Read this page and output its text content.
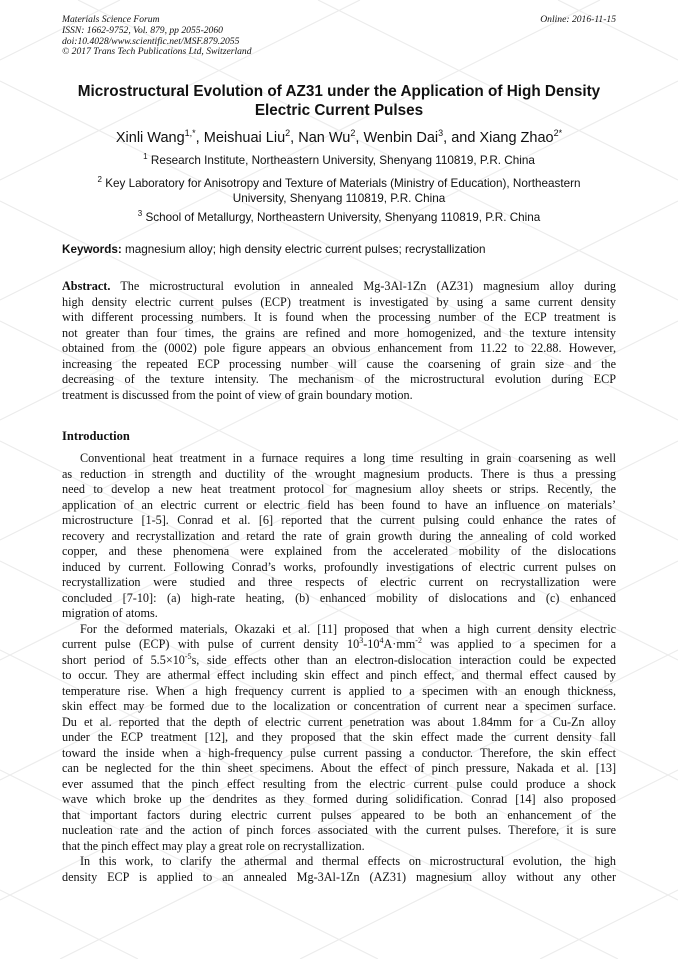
Materials Science Forum
ISSN: 1662-9752, Vol. 879, pp 2055-2060
doi:10.4028/www.scientific.net/MSF.879.2055
© 2017 Trans Tech Publications Ltd, Switzerland
Online: 2016-11-15
Microstructural Evolution of AZ31 under the Application of High Density
Electric Current Pulses
Xinli Wang$^{1,*}$, Meishuai Liu$^2$, Nan Wu$^2$, Wenbin Dai$^3$, and Xiang Zhao$^{2*}$
$^1$ Research Institute, Northeastern University, Shenyang 110819, P.R. China
$^2$ Key Laboratory for Anisotropy and Texture of Materials (Ministry of Education), Northeastern
University, Shenyang 110819, P.R. China
$^3$ School of Metallurgy, Northeastern University, Shenyang 110819, P.R. China
Keywords: magnesium alloy; high density electric current pulses; recrystallization
Abstract. The microstructural evolution in annealed Mg-3Al-1Zn (AZ31) magnesium alloy during
high density electric current pulses (ECP) treatment is investigated by using a same current density
with different processing numbers. It is found when the processing number of the ECP treatment is
not greater than four times, the grains are refined and more homogenized, and the texture intensity
obtained from the (0002) pole figure appears an obvious enhancement from 11.22 to 22.88. However,
increasing the repeated ECP processing number will cause the coarsening of grain size and the
decreasing of the texture intensity. The mechanism of the microstructural evolution during ECP
treatment is discussed from the point of view of grain boundary motion.
Introduction
Conventional heat treatment in a furnace requires a long time resulting in grain coarsening as well
as reduction in strength and ductility of the wrought magnesium products. There is thus a pressing
need to develop a new heat treatment protocol for magnesium alloy sheets or strips. Recently, the
application of an electric current or electric field has been found to have an influence on materials’
microstructure [1-5]. Conrad et al. [6] reported that the current pulsing could enhance the rates of
recovery and recrystallization and retard the rate of grain growth during the annealing of cold worked
copper, and these phenomena were explained from the accelerated mobility of the dislocations
induced by current. Following Conrad’s works, profoundly investigations of electric current pulses on
recrystallization were studied and three respects of electric current on recrystallization were
concluded [7-10]: (a) high-rate heating, (b) enhanced mobility of dislocations and (c) enhanced
migration of atoms.
For the deformed materials, Okazaki et al. [11] proposed that when a high current density electric
current pulse (ECP) with pulse of current density $10^3-10^4A\cdot mm^{-2}$ was applied to a specimen for a
short period of $5.5\times 10^{-5}s$, side effects other than an electron-dislocation interaction could be expected
to occur. They are athermal effect including skin effect and pinch effect, and thermal effect caused by
temperature rise. When a high frequency current is applied to a specimen with an enough thickness,
skin effect may be formed due to the localization or concentration of current near a specimen surface.
Du et al. reported that the depth of electric current penetration was about 1.84mm for a Cu-Zn alloy
under the ECP treatment [12], and they proposed that the skin effect made the current density fall
toward the inside when a high-frequency pulse current passing a conductor. Therefore, the skin effect
can be neglected for the thin sheet specimens. About the effect of pinch pressure, Nakada et al. [13]
ever assumed that the pinch effect resulting from the electric current pulse could produce a shock
wave which broke up the dendrites as they formed during solidification. Conrad [14] also proposed
that important factors during electric current pulses appeared to be both an enhancement of the
nucleation rate and the action of pinch forces associated with the current pulses. Therefore, it is sure
that the pinch effect may play a great role on recrystallization.
In this work, to clarify the athermal and thermal effects on microstructural evolution, the high
density ECP is applied to an annealed Mg-3Al-1Zn (AZ31) magnesium alloy without any other
